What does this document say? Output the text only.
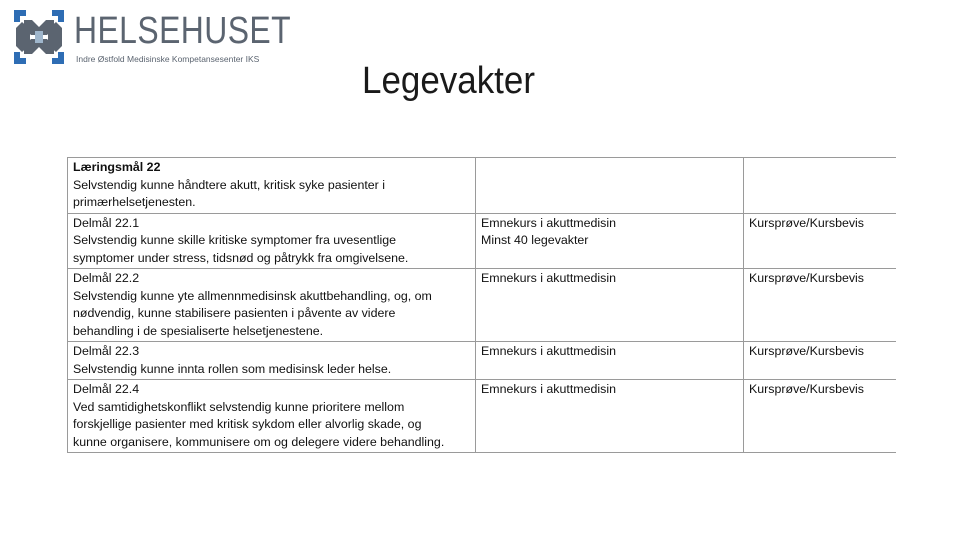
HELSEHUSET
Indre Østfold Medisinske Kompetansesenter IKS
Legevakter
Læringsmål 22
Selvstendig kunne håndtere akutt, kritisk syke pasienter i
primærhelsetjenesten.		

Delmål 22.1
Selvstendig kunne skille kritiske symptomer fra uvesentlige
symptomer under stress, tidsnød og påtrykk fra omgivelsene.	Emnekurs i akuttmedisin
Minst 40 legevakter	Kursprøve/Kursbevis

Delmål 22.2
Selvstendig kunne yte allmennmedisinsk akuttbehandling, og, om
nødvendig, kunne stabilisere pasienten i påvente av videre
behandling i de spesialiserte helsetjenestene.	Emnekurs i akuttmedisin	Kursprøve/Kursbevis

Delmål 22.3
Selvstendig kunne innta rollen som medisinsk leder helse.	Emnekurs i akuttmedisin	Kursprøve/Kursbevis

Delmål 22.4
Ved samtidighetskonflikt selvstendig kunne prioritere mellom
forskjellige pasienter med kritisk sykdom eller alvorlig skade, og
kunne organisere, kommunisere om og delegere videre behandling.	Emnekurs i akuttmedisin	Kursprøve/Kursbevis
